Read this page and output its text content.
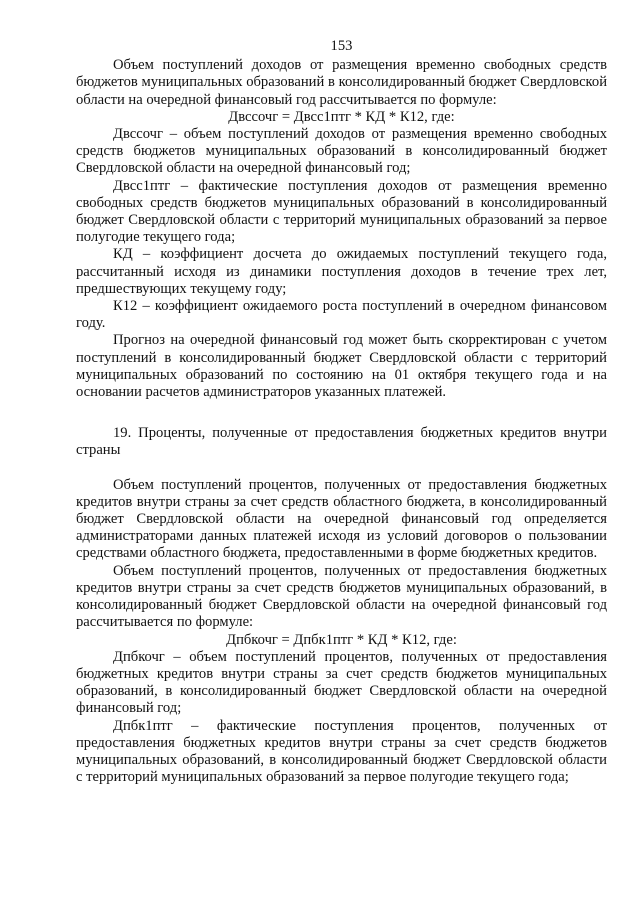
153

Объем поступлений доходов от размещения временно свободных средств бюджетов муниципальных образований в консолидированный бюджет Свердловской области на очередной финансовый год рассчитывается по формуле:

Двссочг = Двсс1птг * КД * К12, где:

Двссочг – объем поступлений доходов от размещения временно свободных средств бюджетов муниципальных образований в консолидированный бюджет Свердловской области на очередной финансовый год;

Двсс1птг – фактические поступления доходов от размещения временно свободных средств бюджетов муниципальных образований в консолидированный бюджет Свердловской области с территорий муниципальных образований за первое полугодие текущего года;

КД – коэффициент досчета до ожидаемых поступлений текущего года, рассчитанный исходя из динамики поступления доходов в течение трех лет, предшествующих текущему году;

К12 – коэффициент ожидаемого роста поступлений в очередном финансовом году.

Прогноз на очередной финансовый год может быть скорректирован с учетом поступлений в консолидированный бюджет Свердловской области с территорий муниципальных образований по состоянию на 01 октября текущего года и на основании расчетов администраторов указанных платежей.

19. Проценты, полученные от предоставления бюджетных кредитов внутри страны

Объем поступлений процентов, полученных от предоставления бюджетных кредитов внутри страны за счет средств областного бюджета, в консолидированный бюджет Свердловской области на очередной финансовый год определяется администраторами данных платежей исходя из условий договоров о пользовании средствами областного бюджета, предоставленными в форме бюджетных кредитов.

Объем поступлений процентов, полученных от предоставления бюджетных кредитов внутри страны за счет средств бюджетов муниципальных образований, в консолидированный бюджет Свердловской области на очередной финансовый год рассчитывается по формуле:

Дпбкочг = Дпбк1птг * КД * К12, где:

Дпбкочг – объем поступлений процентов, полученных от предоставления бюджетных кредитов внутри страны за счет средств бюджетов муниципальных образований, в консолидированный бюджет Свердловской области на очередной финансовый год;

Дпбк1птг – фактические поступления процентов, полученных от предоставления бюджетных кредитов внутри страны за счет средств бюджетов муниципальных образований, в консолидированный бюджет Свердловской области с территорий муниципальных образований за первое полугодие текущего года;
